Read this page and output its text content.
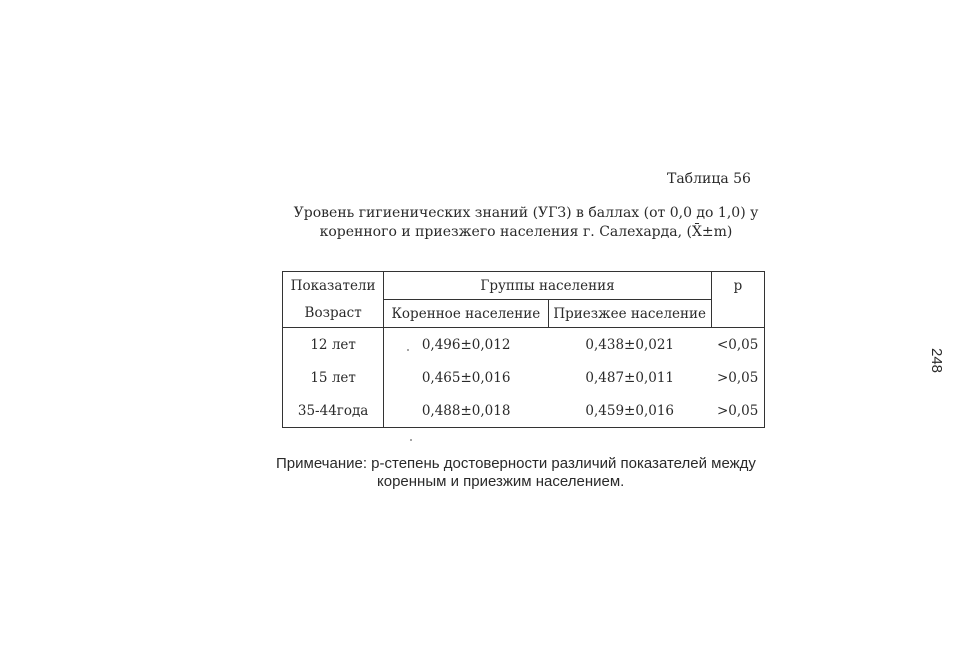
Таблица 56
Уровень гигиенических знаний (УГЗ) в баллах (от 0,0 до 1,0) у
коренного и приезжего населения г. Салехарда, (X̄±m)
Показатели	Группы населения		p
Возраст	Коренное население	Приезжее население	
12 лет	0,496±0,012	0,438±0,021	<0,05
15 лет	0,465±0,016	0,487±0,011	>0,05
35-44года	0,488±0,018	0,459±0,016	>0,05
Примечание: р-степень достоверности различий показателей между
коренным и приезжим населением.
248
